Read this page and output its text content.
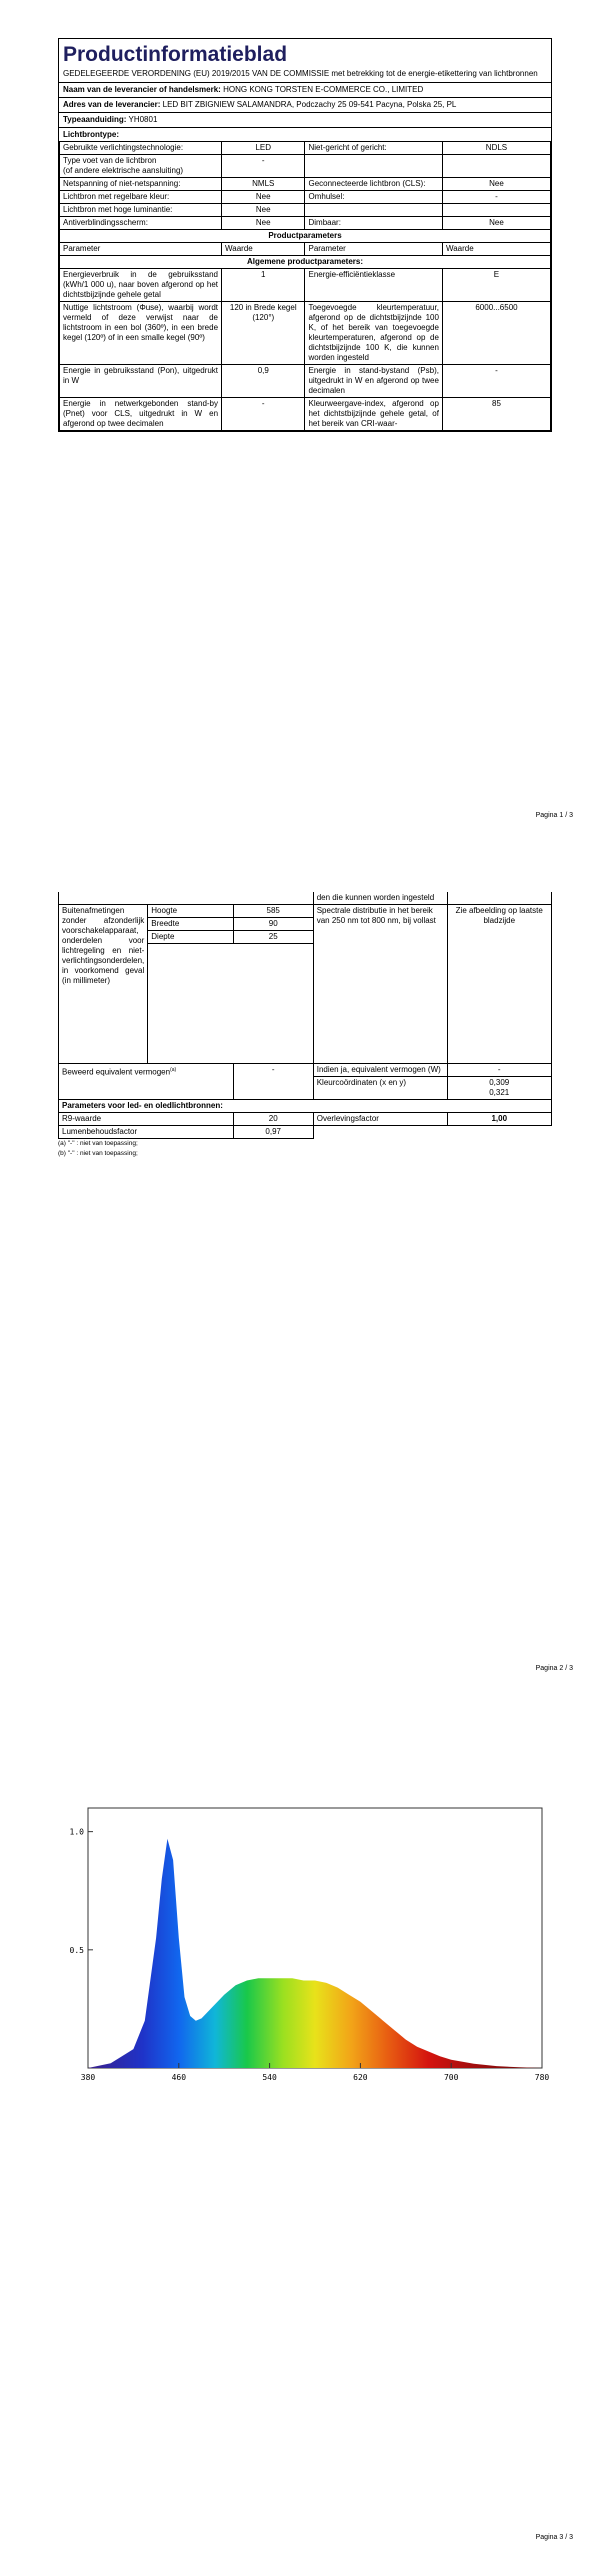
Productinformatieblad
GEDELEGEERDE VERORDENING (EU) 2019/2015 VAN DE COMMISSIE met betrekking tot de energie-etikettering van lichtbronnen
Naam van de leverancier of handelsmerk: HONG KONG TORSTEN E-COMMERCE CO., LIMITED
Adres van de leverancier: LED BIT ZBIGNIEW SALAMANDRA, Podczachy 25 09-541 Pacyna, Polska 25, PL
Typeaanduiding: YH0801
Lichtbrontype:
Gebruikte verlichtingstechnologie:	LED	Niet-gericht of gericht:	NDLS
Type voet van de lichtbron
(of andere elektrische aansluiting)	-		
Netspanning of niet-netspanning:	NMLS	Geconnecteerde lichtbron (CLS):	Nee
Lichtbron met regelbare kleur:	Nee	Omhulsel:	-
Lichtbron met hoge luminantie:	Nee		
Antiverblindingsscherm:	Nee	Dimbaar:	Nee
Productparameters			
Parameter	Waarde	Parameter	Waarde
Algemene productparameters:			
Energieverbruik in de gebruiksstand (kWh/1 000 u), naar boven afgerond op het dichtstbijzijnde gehele getal	1	Energie-efficiëntieklasse	E
Nuttige lichtstroom (Φuse), waarbij wordt vermeld of deze verwijst naar de lichtstroom in een bol (360º), in een brede kegel (120º) of in een smalle kegel (90º)	120 in Brede kegel (120°)	Toegevoegde kleurtemperatuur, afgerond op de dichtstbijzijnde 100 K, of het bereik van toegevoegde kleurtemperaturen, afgerond op de dichtstbijzijnde 100 K, die kunnen worden ingesteld	6000...6500
Energie in gebruiksstand (Pon), uitgedrukt in W	0,9	Energie in stand-bystand (Psb), uitgedrukt in W en afgerond op twee decimalen	-
Energie in netwerkgebonden stand-by (Pnet) voor CLS, uitgedrukt in W en afgerond op twee decimalen	-	Kleurweergave-index, afgerond op het dichtstbijzijnde gehele getal, of het bereik van CRI-waar-	85
Pagina 1 / 3
			den die kunnen worden ingesteld	
Buitenafmetingen zonder afzonderlijk voorschakelapparaat, onderdelen voor lichtregeling en niet-verlichtingsonderdelen, in voorkomend geval (in millimeter)	Hoogte	585	Spectrale distributie in het bereik van 250 nm tot 800 nm, bij vollast	Zie afbeelding op laatste bladzijde
	Breedte	90		
	Diepte	25		

Beweerd equivalent vermogen$^{(a)}$		-	Indien ja, equivalent vermogen (W)	-
			Kleurcoördinaten (x en y)	0,309
0,321

Parameters voor led- en oledlichtbronnen:				
R9-waarde		20	Overlevingsfactor	1,00
Lumenbehoudsfactor		0,97		
(a) "-" : niet van toepassing;
(b) "-" : niet van toepassing;
Pagina 2 / 3
380	460	540	620	700	780
0.5
1.0
Pagina 3 / 3
